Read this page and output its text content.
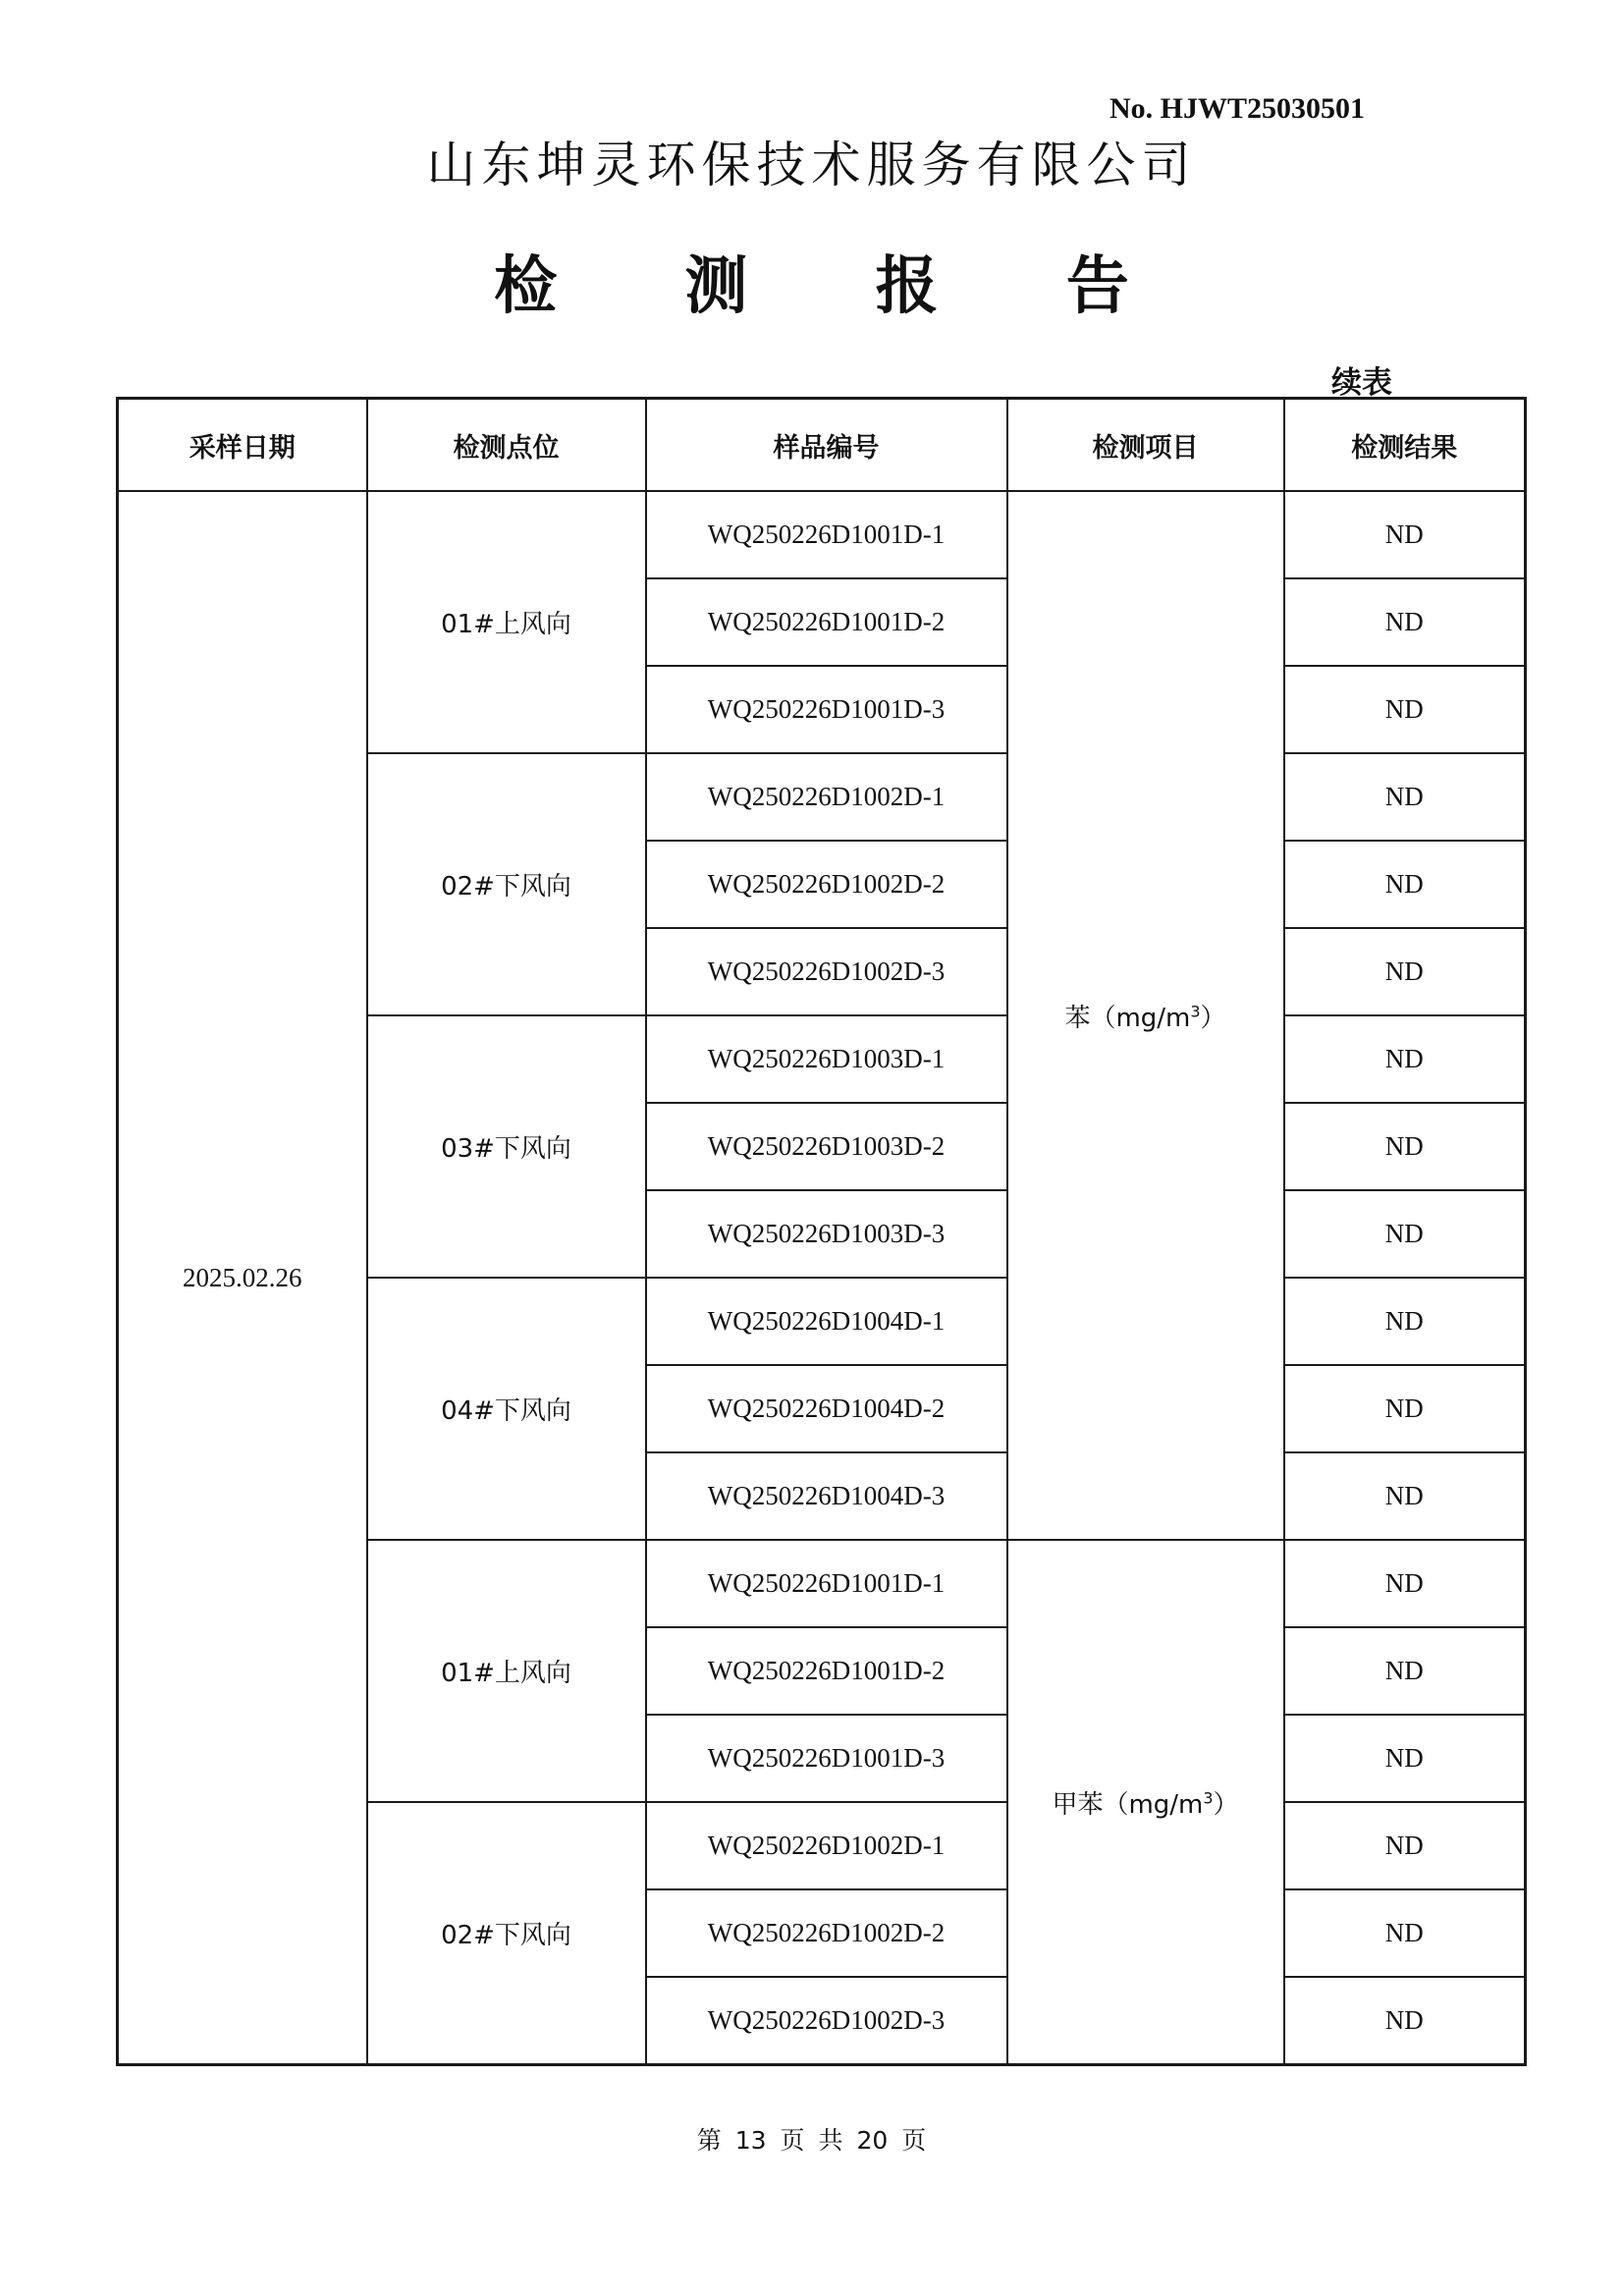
No. HJWT25030501
山东坤灵环保技术服务有限公司
检 测 报 告
续表
采样日期	检测点位	样品编号	检测项目	检测结果
2025.02.26	01#上风向	WQ250226D1001D-1	苯$(mg/m^3)$	ND
		WQ250226D1001D-2		ND
		WQ250226D1001D-3		ND
	02#下风向	WQ250226D1002D-1		ND
		WQ250226D1002D-2		ND
		WQ250226D1002D-3		ND
	03#下风向	WQ250226D1003D-1		ND
		WQ250226D1003D-2		ND
		WQ250226D1003D-3		ND
	04#下风向	WQ250226D1004D-1		ND
		WQ250226D1004D-2		ND
		WQ250226D1004D-3		ND
	01#上风向	WQ250226D1001D-1	甲苯$(mg/m^3)$	ND
		WQ250226D1001D-2		ND
		WQ250226D1001D-3		ND
	02#下风向	WQ250226D1002D-1		ND
		WQ250226D1002D-2		ND
		WQ250226D1002D-3		ND
第 13 页 共 20 页
